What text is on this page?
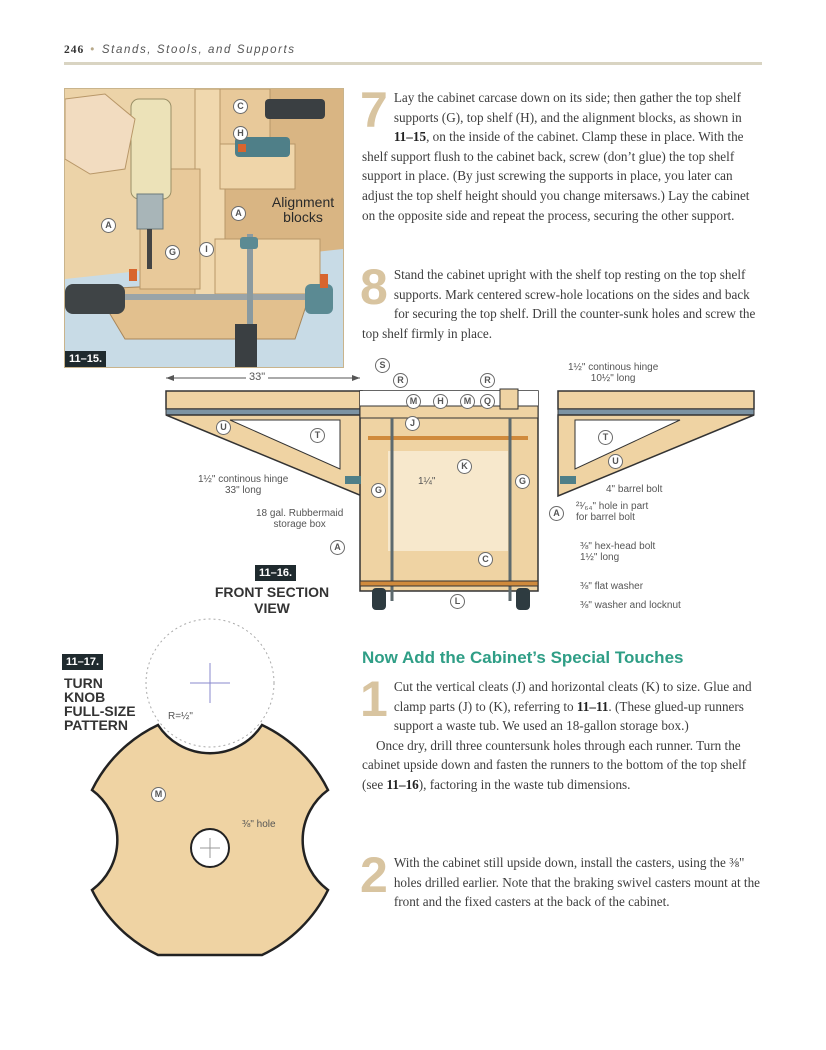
246 • Stands, Stools, and Supports
C
H
A
A
G	I
Alignment blocks
11–15.
7 Lay the cabinet carcase down on its side; then gather the top shelf supports (G), top shelf (H), and the alignment blocks, as shown in 11–15, on the inside of the cabinet. Clamp these in place. With the shelf support flush to the cabinet back, screw (don’t glue) the top shelf support in place. (By just screwing the supports in place, you later can adjust the top shelf height should you change mitersaws.) Lay the cabinet on the opposite side and repeat the process, securing the other support.

8 Stand the cabinet upright with the shelf top resting on the top shelf supports. Mark centered screw-hole locations on the sides and back for securing the top shelf. Drill the counter-sunk holes and screw the top shelf firmly in place.

33"
S
R	R
M	H	M	Q
U
T	T
U
J
K
G
G
A
A
C
L
1¼"
1½" continous hinge
33" long
1½" continous hinge
10½" long
18 gal. Rubbermaid
storage box
4" barrel bolt
²¹⁄₆₄" hole in part
for barrel bolt
⅜" hex-head bolt
1½" long
⅜" flat washer
⅜" washer and locknut
11–16.
FRONT SECTION
VIEW
M
R=½"
⅜" hole
11–17.
TURN
KNOB
FULL-SIZE
PATTERN
Now Add the Cabinet’s Special Touches
1 Cut the vertical cleats (J) and horizontal cleats (K) to size. Glue and clamp parts (J) to (K), referring to 11–11. (These glued-up runners support a waste tub. We used an 18-gallon storage box.)

Once dry, drill three countersunk holes through each runner. Turn the cabinet upside down and fasten the runners to the bottom of the top shelf (see 11–16), factoring in the waste tub dimensions.

2 With the cabinet still upside down, install the casters, using the ⅜" holes drilled earlier. Note that the braking swivel casters mount at the front and the fixed casters at the back of the cabinet.
